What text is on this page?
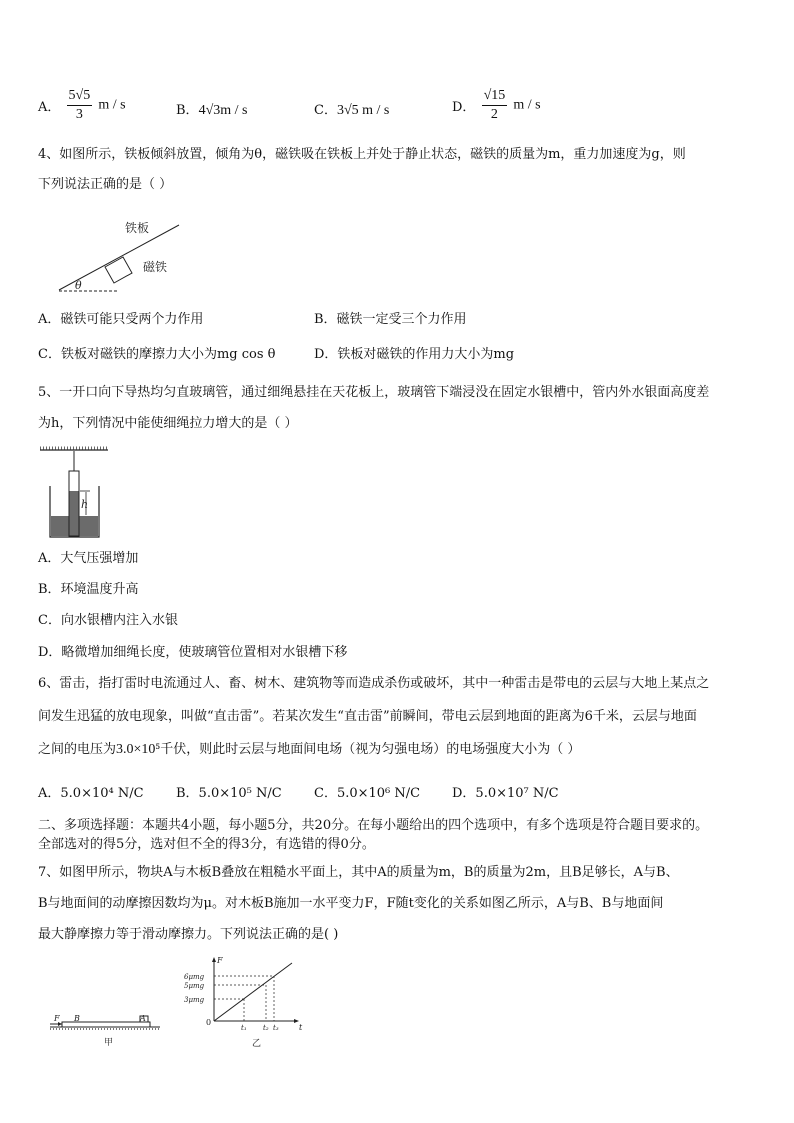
A． $\frac{5√5}{3}$ m / s	B．4√3m / s	C．3√5 m / s	D． $\frac{√15}{2}$ m / s
4、如图所示，铁板倾斜放置，倾角为θ，磁铁吸在铁板上并处于静止状态，磁铁的质量为m，重力加速度为g，则
下列说法正确的是（ ）
铁板
磁铁
θ
A．磁铁可能只受两个力作用	B．磁铁一定受三个力作用
C．铁板对磁铁的摩擦力大小为mg cos θ	D．铁板对磁铁的作用力大小为mg
5、一开口向下导热均匀直玻璃管，通过细绳悬挂在天花板上，玻璃管下端浸没在固定水银槽中，管内外水银面高度差
为h，下列情况中能使细绳拉力增大的是（ ）
h
A．大气压强增加
B．环境温度升高
C．向水银槽内注入水银
D．略微增加细绳长度，使玻璃管位置相对水银槽下移
6、雷击，指打雷时电流通过人、畜、树木、建筑物等而造成杀伤或破坏，其中一种雷击是带电的云层与大地上某点之
间发生迅猛的放电现象，叫做“直击雷”。若某次发生“直击雷”前瞬间，带电云层到地面的距离为6千米，云层与地面
之间的电压为3.0×10⁵千伏，则此时云层与地面间电场（视为匀强电场）的电场强度大小为（ ）
A．5.0×10⁴ N/C B．5.0×10⁵ N/C C．5.0×10⁶ N/C D．5.0×10⁷ N/C
二、多项选择题：本题共4小题，每小题5分，共20分。在每小题给出的四个选项中，有多个选项是符合题目要求的。
全部选对的得5分，选对但不全的得3分，有选错的得0分。
7、如图甲所示，物块A与木板B叠放在粗糙水平面上，其中A的质量为m，B的质量为2m，且B足够长，A与B、
B与地面间的动摩擦因数均为μ。对木板B施加一水平变力F，F随t变化的关系如图乙所示，A与B、B与地面间
最大静摩擦力等于滑动摩擦力。下列说法正确的是( )
F B	A
甲
F
t
0
6μmg
5μmg
3μmg
t₁ t₂ t₃
乙
